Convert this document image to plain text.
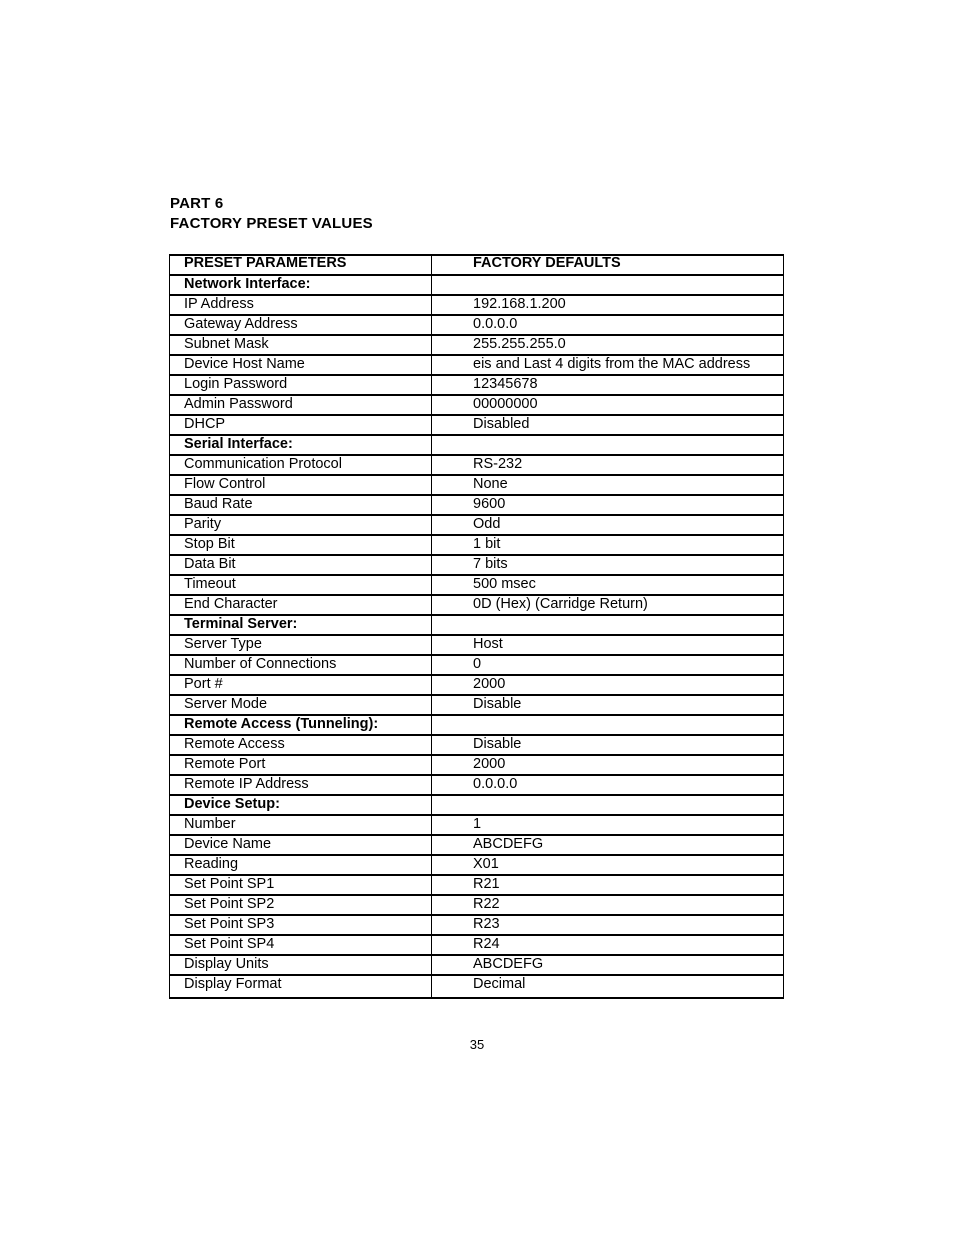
PART 6
FACTORY PRESET VALUES
PRESET PARAMETERS	FACTORY DEFAULTS
Network Interface:	
IP Address	192.168.1.200
Gateway Address	0.0.0.0
Subnet Mask	255.255.255.0
Device Host Name	eis and Last 4 digits from the MAC address
Login Password	12345678
Admin Password	00000000
DHCP	Disabled
Serial Interface:	
Communication Protocol	RS-232
Flow Control	None
Baud Rate	9600
Parity	Odd
Stop Bit	1 bit
Data Bit	7 bits
Timeout	500 msec
End Character	0D (Hex) (Carridge Return)
Terminal Server:	
Server Type	Host
Number of Connections	0
Port #	2000
Server Mode	Disable
Remote Access (Tunneling):	
Remote Access	Disable
Remote Port	2000
Remote IP Address	0.0.0.0
Device Setup:	
Number	1
Device Name	ABCDEFG
Reading	X01
Set Point SP1	R21
Set Point SP2	R22
Set Point SP3	R23
Set Point SP4	R24
Display Units	ABCDEFG
Display Format	Decimal
35
